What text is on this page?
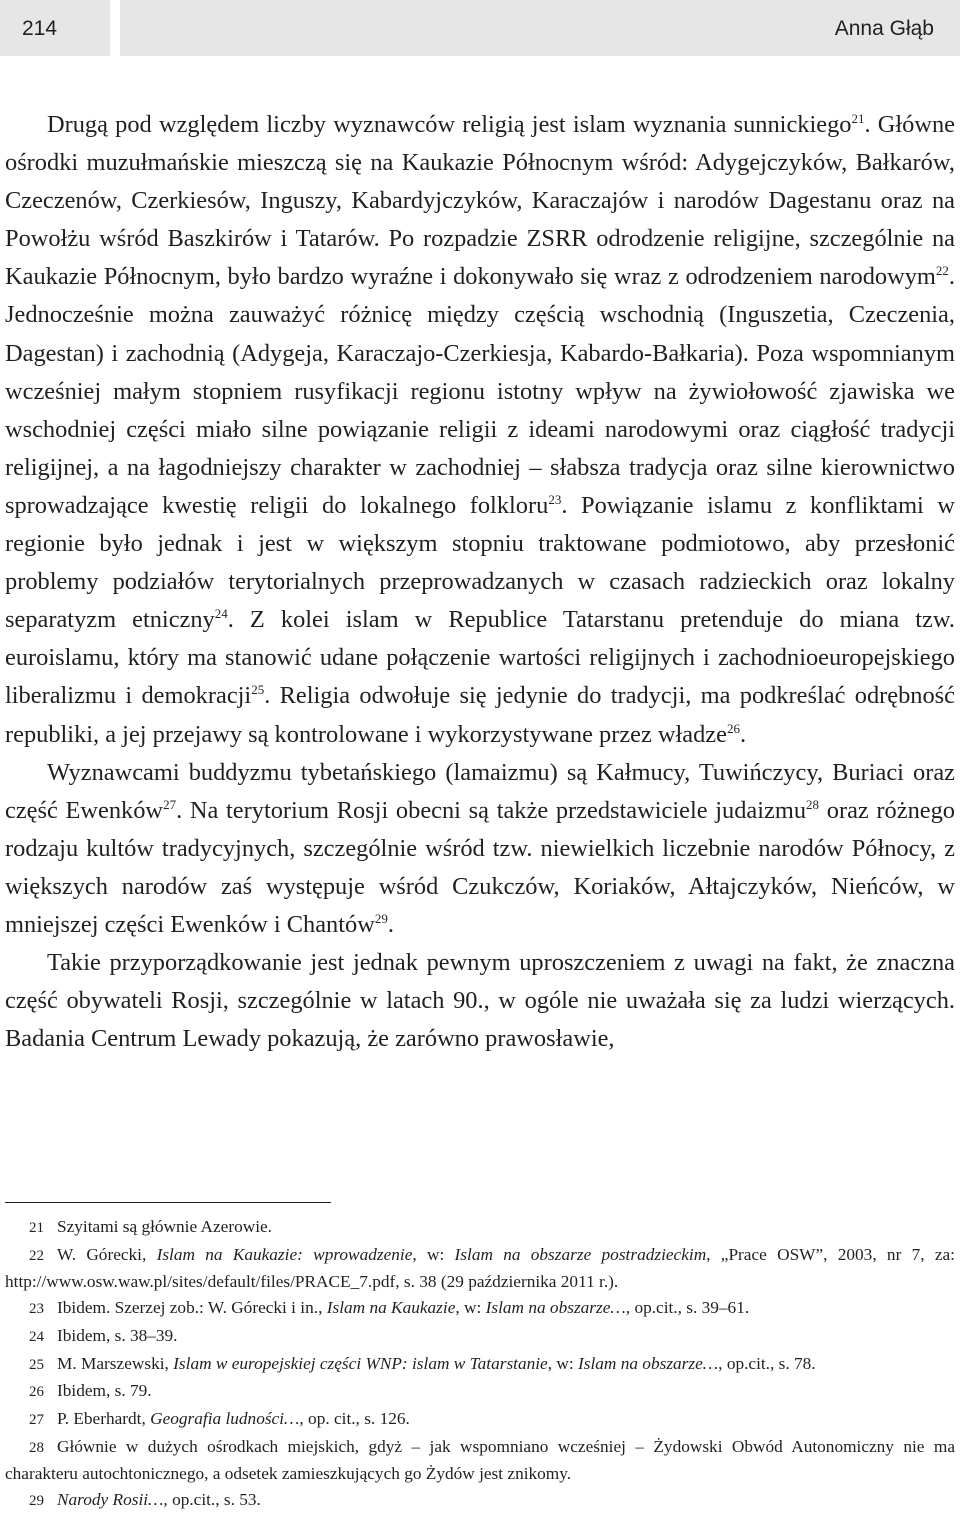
214	Anna Głąb

Drugą pod względem liczby wyznawców religią jest islam wyznania sunnickiego$^{21}$. Główne ośrodki muzułmańskie mieszczą się na Kaukazie Północnym wśród: Adygejczyków, Bałkarów, Czeczenów, Czerkiesów, Inguszy, Kabardyjczyków, Karaczajów i narodów Dagestanu oraz na Powołżu wśród Baszkirów i Tatarów. Po rozpadzie ZSRR odrodzenie religijne, szczególnie na Kaukazie Północnym, było bardzo wyraźne i dokonywało się wraz z odrodzeniem narodowym$^{22}$. Jednocześnie można zauważyć różnicę między częścią wschodnią (Inguszetia, Czeczenia, Dagestan) i zachodnią (Adygeja, Karaczajo-Czerkiesja, Kabardo-Bałkaria). Poza wspomnianym wcześniej małym stopniem rusyfikacji regionu istotny wpływ na żywiołowość zjawiska we wschodniej części miało silne powiązanie religii z ideami narodowymi oraz ciągłość tradycji religijnej, a na łagodniejszy charakter w zachodniej – słabsza tradycja oraz silne kierownictwo sprowadzające kwestię religii do lokalnego folkloru$^{23}$. Powiązanie islamu z konfliktami w regionie było jednak i jest w większym stopniu traktowane podmiotowo, aby przesłonić problemy podziałów terytorialnych przeprowadzanych w czasach radzieckich oraz lokalny separatyzm etniczny$^{24}$. Z kolei islam w Republice Tatarstanu pretenduje do miana tzw. euroislamu, który ma stanowić udane połączenie wartości religijnych i zachodnioeuropejskiego liberalizmu i demokracji$^{25}$. Religia odwołuje się jedynie do tradycji, ma podkreślać odrębność republiki, a jej przejawy są kontrolowane i wykorzystywane przez władze$^{26}$.

Wyznawcami buddyzmu tybetańskiego (lamaizmu) są Kałmucy, Tuwińczycy, Buriaci oraz część Ewenków$^{27}$. Na terytorium Rosji obecni są także przedstawiciele judaizmu$^{28}$ oraz różnego rodzaju kultów tradycyjnych, szczególnie wśród tzw. niewielkich liczebnie narodów Północy, z większych narodów zaś występuje wśród Czukczów, Koriaków, Ałtajczyków, Nieńców, w mniejszej części Ewenków i Chantów$^{29}$.

Takie przyporządkowanie jest jednak pewnym uproszczeniem z uwagi na fakt, że znaczna część obywateli Rosji, szczególnie w latach 90., w ogóle nie uważała się za ludzi wierzących. Badania Centrum Lewady pokazują, że zarówno prawosławie,

21 Szyitami są głównie Azerowie.

22 W. Górecki, Islam na Kaukazie: wprowadzenie, w: Islam na obszarze postradzieckim, „Prace OSW”, 2003, nr 7, za: http://www.osw.waw.pl/sites/default/files/PRACE_7.pdf, s. 38 (29 października 2011 r.).

23 Ibidem. Szerzej zob.: W. Górecki i in., Islam na Kaukazie, w: Islam na obszarze…, op.cit., s. 39–61.

24 Ibidem, s. 38–39.

25 M. Marszewski, Islam w europejskiej części WNP: islam w Tatarstanie, w: Islam na obszarze…, op.cit., s. 78.

26 Ibidem, s. 79.

27 P. Eberhardt, Geografia ludności…, op. cit., s. 126.

28 Głównie w dużych ośrodkach miejskich, gdyż – jak wspomniano wcześniej – Żydowski Obwód Autonomiczny nie ma charakteru autochtonicznego, a odsetek zamieszkujących go Żydów jest znikomy.

29 Narody Rosii…, op.cit., s. 53.
